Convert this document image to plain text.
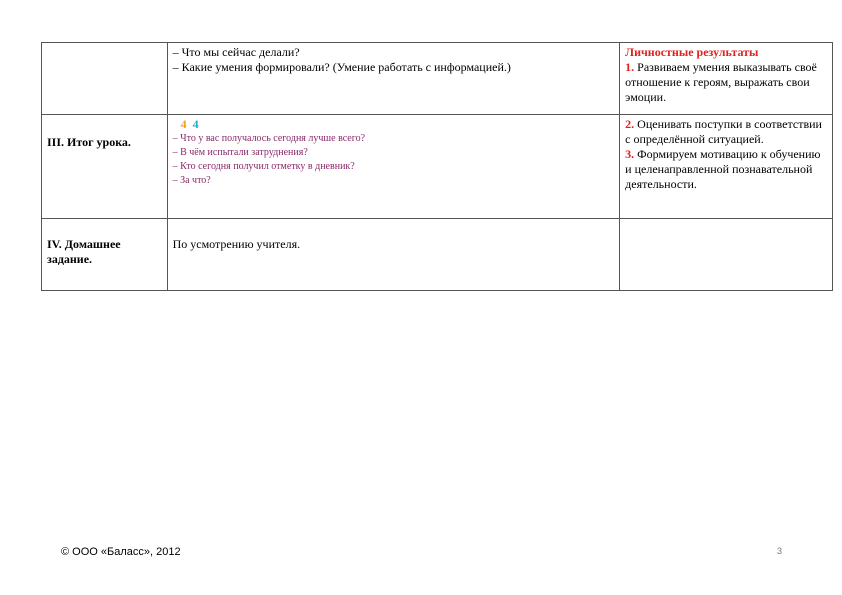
	– Что мы сейчас делали?
– Какие умения формировали? (Умение работать с информацией.)	Личностные результаты
1. Развиваем умения выказывать своё отношение к героям, выражать свои эмоции.

III. Итог урока.	4 4
– Что у вас получалось сегодня лучше всего?
– В чём испытали затруднения?
– Кто сегодня получил отметку в дневник?
– За что?	2. Оценивать поступки в соответствии с определённой ситуацией.
3. Формируем мотивацию к обучению и целенаправленной познавательной деятельности.

IV. Домашнее задание.	По усмотрению учителя.	
© ООО «Баласс», 2012	3
